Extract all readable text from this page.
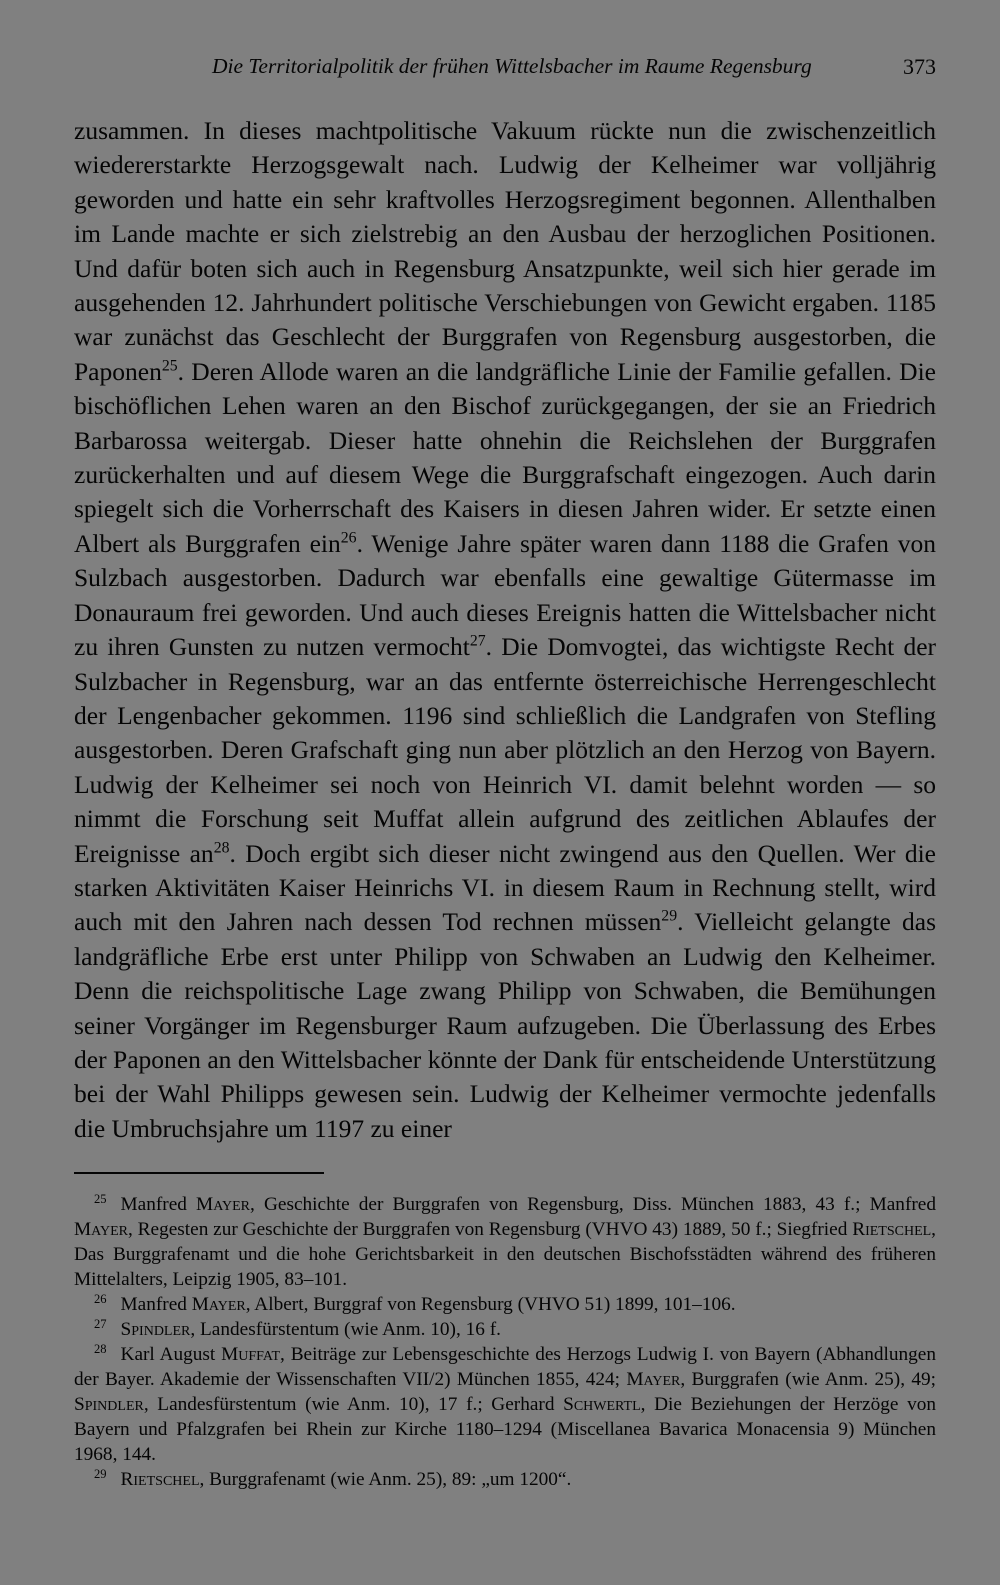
Die Territorialpolitik der frühen Wittelsbacher im Raume Regensburg	373

zusammen. In dieses machtpolitische Vakuum rückte nun die zwischenzeitlich wiedererstarkte Herzogsgewalt nach. Ludwig der Kelheimer war volljährig geworden und hatte ein sehr kraftvolles Herzogsregiment begonnen. Allenthalben im Lande machte er sich zielstrebig an den Ausbau der herzoglichen Positionen. Und dafür boten sich auch in Regensburg Ansatzpunkte, weil sich hier gerade im ausgehenden 12. Jahrhundert politische Verschiebungen von Gewicht ergaben. 1185 war zunächst das Geschlecht der Burggrafen von Regensburg ausgestorben, die Paponen$^{25}$. Deren Allode waren an die landgräfliche Linie der Familie gefallen. Die bischöflichen Lehen waren an den Bischof zurückgegangen, der sie an Friedrich Barbarossa weitergab. Dieser hatte ohnehin die Reichslehen der Burggrafen zurückerhalten und auf diesem Wege die Burggrafschaft eingezogen. Auch darin spiegelt sich die Vorherrschaft des Kaisers in diesen Jahren wider. Er setzte einen Albert als Burggrafen ein$^{26}$. Wenige Jahre später waren dann 1188 die Grafen von Sulzbach ausgestorben. Dadurch war ebenfalls eine gewaltige Gütermasse im Donauraum frei geworden. Und auch dieses Ereignis hatten die Wittelsbacher nicht zu ihren Gunsten zu nutzen vermocht$^{27}$. Die Domvogtei, das wichtigste Recht der Sulzbacher in Regensburg, war an das entfernte österreichische Herrengeschlecht der Lengenbacher gekommen. 1196 sind schließlich die Landgrafen von Stefling ausgestorben. Deren Grafschaft ging nun aber plötzlich an den Herzog von Bayern. Ludwig der Kelheimer sei noch von Heinrich VI. damit belehnt worden — so nimmt die Forschung seit Muffat allein aufgrund des zeitlichen Ablaufes der Ereignisse $an^{28}$. Doch ergibt sich dieser nicht zwingend aus den Quellen. Wer die starken Aktivitäten Kaiser Heinrichs VI. in diesem Raum in Rechnung stellt, wird auch mit den Jahren nach dessen Tod rechnen müssen$^{29}$. Vielleicht gelangte das landgräfliche Erbe erst unter Philipp von Schwaben an Ludwig den Kelheimer. Denn die reichspolitische Lage zwang Philipp von Schwaben, die Bemühungen seiner Vorgänger im Regensburger Raum aufzugeben. Die Überlassung des Erbes der Paponen an den Wittelsbacher könnte der Dank für entscheidende Unterstützung bei der Wahl Philipps gewesen sein. Ludwig der Kelheimer vermochte jedenfalls die Umbruchsjahre um 1197 zu einer

$^{25}$ Manfred Mayer, Geschichte der Burggrafen von Regensburg, Diss. München 1883, 43 f.; Manfred Mayer, Regesten zur Geschichte der Burggrafen von Regensburg (VHVO 43) 1889, 50 f.; Siegfried Rietschel, Das Burggrafenamt und die hohe Gerichtsbarkeit in den deutschen Bischofsstädten während des früheren Mittelalters, Leipzig 1905, 83–101.

$^{26}$ Manfred Mayer, Albert, Burggraf von Regensburg (VHVO 51) 1899, 101–106.

$^{27}$ Spindler, Landesfürstentum (wie Anm. 10), 16 f.

$^{28}$ Karl August Muffat, Beiträge zur Lebensgeschichte des Herzogs Ludwig I. von Bayern (Abhandlungen der Bayer. Akademie der Wissenschaften VII/2) München 1855, 424; Mayer, Burggrafen (wie Anm. 25), 49; Spindler, Landesfürstentum (wie Anm. 10), 17 f.; Gerhard Schwertl, Die Beziehungen der Herzöge von Bayern und Pfalzgrafen bei Rhein zur Kirche 1180–1294 (Miscellanea Bavarica Monacensia 9) München 1968, 144.

$^{29}$ Rietschel, Burggrafenamt (wie Anm. 25), 89: „um 1200“.
